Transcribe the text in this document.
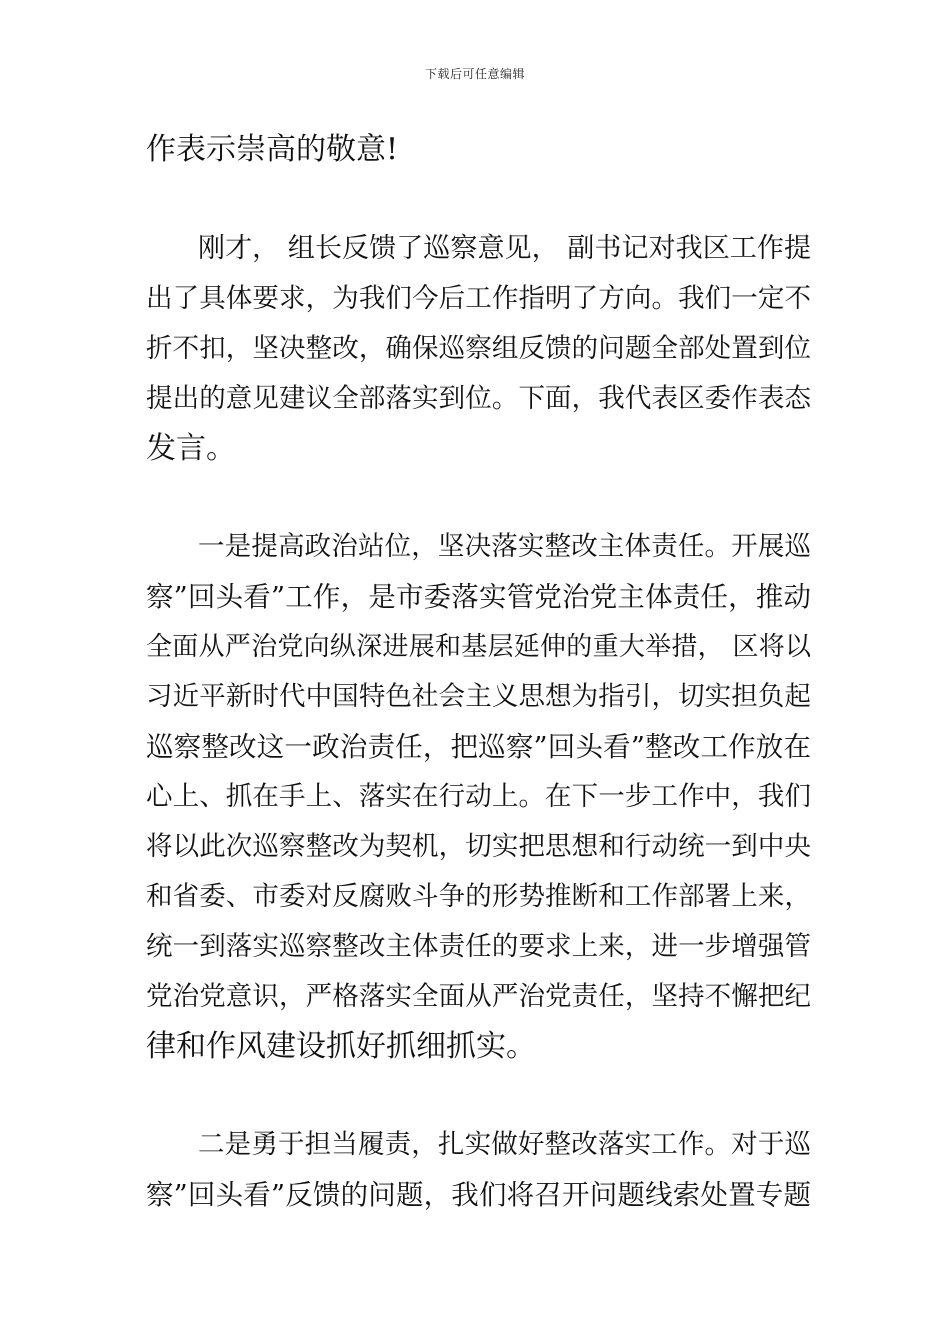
下载后可任意编辑
作表示崇高的敬意!
刚才， 组长反馈了巡察意见， 副书记对我区工作提
出了具体要求，为我们今后工作指明了方向。我们一定不
折不扣，坚决整改，确保巡察组反馈的问题全部处置到位
提出的意见建议全部落实到位。下面，我代表区委作表态
发言。
一是提高政治站位，坚决落实整改主体责任。开展巡
察”回头看”工作，是市委落实管党治党主体责任，推动
全面从严治党向纵深进展和基层延伸的重大举措， 区将以
习近平新时代中国特色社会主义思想为指引，切实担负起
巡察整改这一政治责任，把巡察”回头看”整改工作放在
心上、抓在手上、落实在行动上。在下一步工作中，我们
将以此次巡察整改为契机，切实把思想和行动统一到中央
和省委、市委对反腐败斗争的形势推断和工作部署上来，
统一到落实巡察整改主体责任的要求上来，进一步增强管
党治党意识，严格落实全面从严治党责任，坚持不懈把纪
律和作风建设抓好抓细抓实。
二是勇于担当履责，扎实做好整改落实工作。对于巡
察”回头看”反馈的问题，我们将召开问题线索处置专题
